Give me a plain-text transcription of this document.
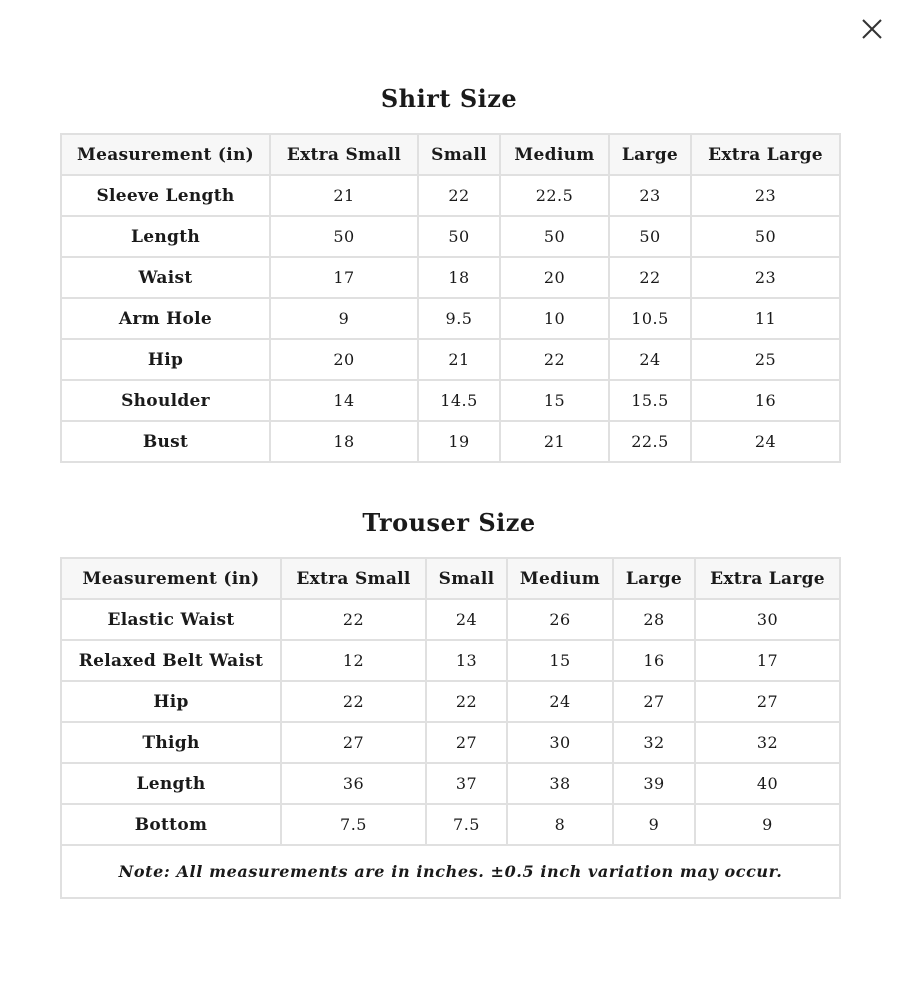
Shirt Size
Measurement (in)	Extra Small	Small	Medium	Large	Extra Large
Sleeve Length	21	22	22.5	23	23
Length	50	50	50	50	50
Waist	17	18	20	22	23
Arm Hole	9	9.5	10	10.5	11
Hip	20	21	22	24	25
Shoulder	14	14.5	15	15.5	16
Bust	18	19	21	22.5	24
Trouser Size
Measurement (in)	Extra Small	Small	Medium	Large	Extra Large
Elastic Waist	22	24	26	28	30
Relaxed Belt Waist	12	13	15	16	17
Hip	22	22	24	27	27
Thigh	27	27	30	32	32
Length	36	37	38	39	40
Bottom	7.5	7.5	8	9	9
Note: All measurements are in inches. ±0.5 inch variation may occur.					
